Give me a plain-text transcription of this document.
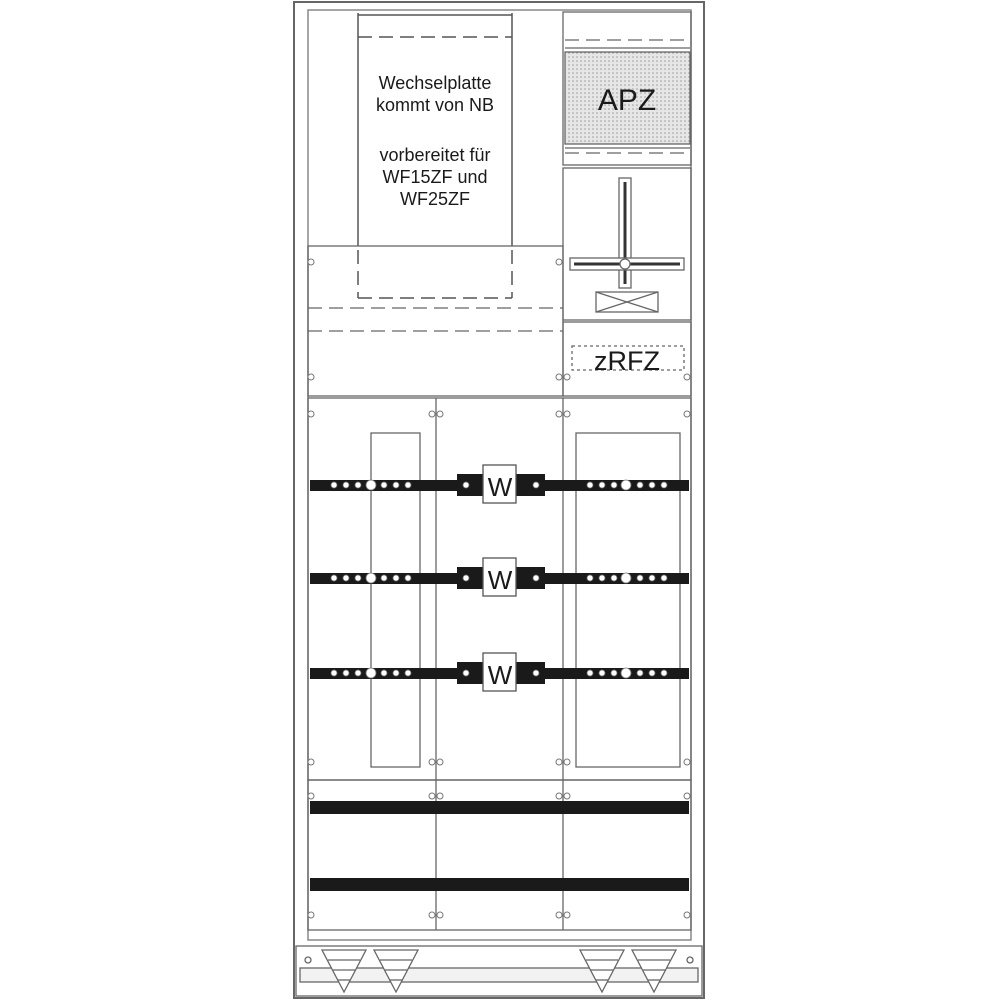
Wechselplatte
kommt von NB
vorbereitet für
WF15ZF und
WF25ZF
APZ
zRFZ
W
W
W
